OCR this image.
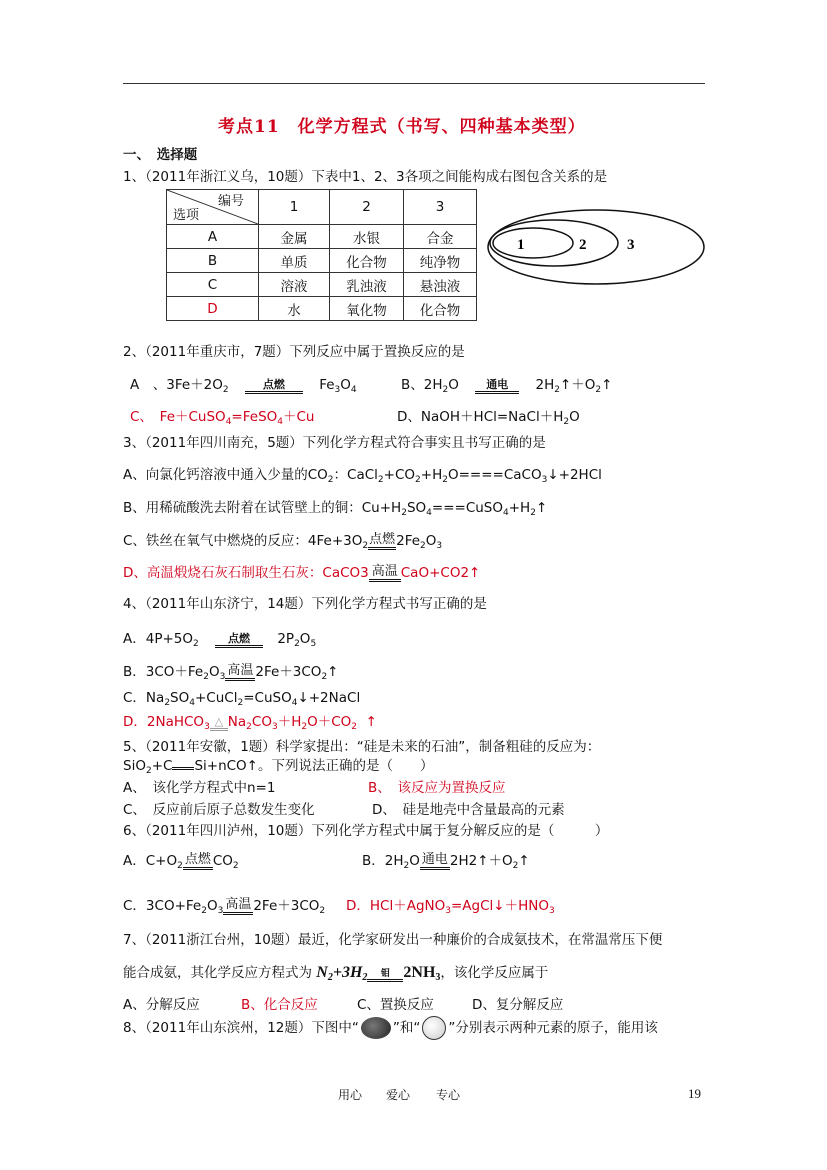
考点11　化学方程式（书写、四种基本类型）
一、　选择题
1、（2011年浙江义乌，10题）下表中1、2、3各项之间能构成右图包含关系的是
编号
选项	1	2	3
A	金属	水银	合金
B	单质	化合物	纯净物
C	溶液	乳浊液	悬浊液
D	水	氧化物	化合物
1	2	3
2、（2011年重庆市，7题）下列反应中属于置换反应的是
A　、$3Fe+2O_2$	点燃	$Fe_3O_4$	B、$2H_2O$	通电	$2H_2↑+O_2↑$
C、　Fe＋CuSO$_4$=FeSO$_4$＋Cu	D、$NaOH+HCl=NaCl+H_2O$
3、（2011年四川南充，5题）下列化学方程式符合事实且书写正确的是
A、向氯化钙溶液中通入少量的$CO_2$：$CaCl_2+CO_2+H_2O====CaCO_3↓+2HCl$
B、用稀硫酸洗去附着在试管壁上的铜：$Cu+H_2SO_4===CuSO_4+H_2↑$
C、铁丝在氧气中燃烧的反应：$4Fe+3O_2$ 点燃 $2Fe_2O_3$
D、高温煅烧石灰石制取生石灰：CaCO3 高温 CaO+CO2↑
4、（2011年山东济宁，14题）下列化学方程式书写正确的是
A．$4P+5O_2$	点燃	$2P_2O_5$
B．$3CO+Fe_2O_3$ 高温 $2Fe+3CO_2↑$
C．$Na_2SO_4+CuCl_2=CuSO_4↓+2NaCl$
D．2NaHCO$_3$ △ $Na_2CO_3+H_2O+CO_2$ ↑
5、（2011年安徽，1题）科学家提出：“硅是未来的石油”，制备粗硅的反应为：
SiO$_2$+C Si+nCO↑。下列说法正确的是（　　）
A、　该化学方程式中n=1	B、　该反应为置换反应
C、　反应前后原子总数发生变化	D、　硅是地壳中含量最高的元素
6、（2011年四川泸州，10题）下列化学方程式中属于复分解反应的是（　　　）
A．$C+O_2$ 点燃 $CO_2$	B．$2H_2O$ 通电 $2H2↑+O_2↑$
C．$3CO+Fe_2O_3$ 高温 $2Fe+3CO_2$ D．$HCl+AgNO_3=AgCl↓+HNO_3$
7、（2011浙江台州，10题）最近，化学家研发出一种廉价的合成氨技术，在常温常压下便
能合成氨，其化学反应方程式为 $N_2+3H_2$	钼 $2NH_3$，该化学反应属于
A、分解反应	B、化合反应	C、置换反应	D、复分解反应
8、（2011年山东滨州，12题）下图中“	”和“ ”分别表示两种元素的原子，能用该
用心 爱心 专心	19
